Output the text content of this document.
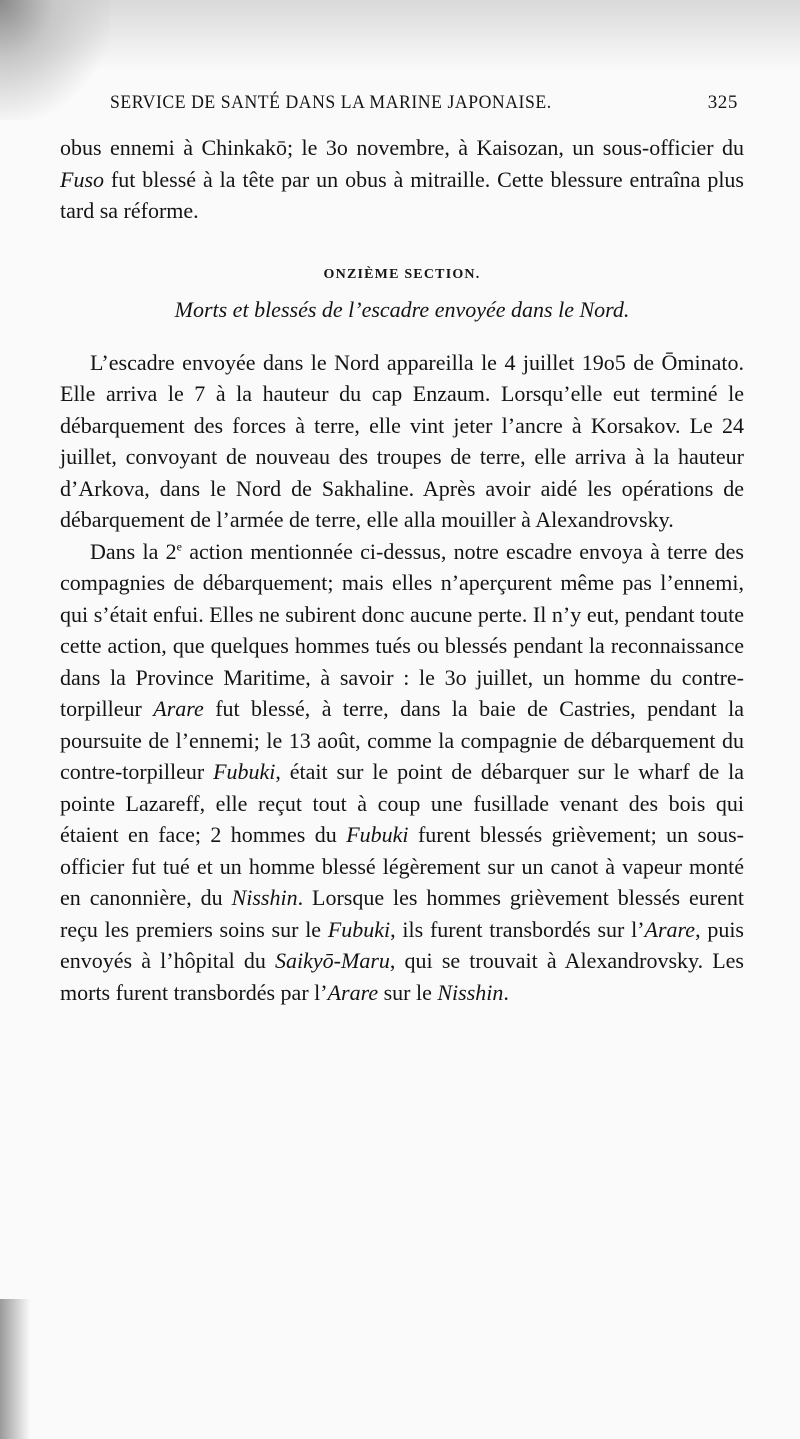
SERVICE DE SANTÉ DANS LA MARINE JAPONAISE.	325

obus ennemi à Chinkakō; le 3o novembre, à Kaisozan, un sous-officier du Fuso fut blessé à la tête par un obus à mitraille. Cette blessure entraîna plus tard sa réforme.

ONZIÈME SECTION.
Morts et blessés de l’escadre envoyée dans le Nord.

L’escadre envoyée dans le Nord appareilla le 4 juillet 19o5 de Ōminato. Elle arriva le 7 à la hauteur du cap Enzaum. Lorsqu’elle eut terminé le débarquement des forces à terre, elle vint jeter l’ancre à Korsakov. Le 24 juillet, convoyant de nouveau des troupes de terre, elle arriva à la hauteur d’Arkova, dans le Nord de Sakhaline. Après avoir aidé les opérations de débarquement de l’armée de terre, elle alla mouiller à Alexandrovsky.

Dans la 2e action mentionnée ci-dessus, notre escadre envoya à terre des compagnies de débarquement; mais elles n’aperçurent même pas l’ennemi, qui s’était enfui. Elles ne subirent donc aucune perte. Il n’y eut, pendant toute cette action, que quelques hommes tués ou blessés pendant la reconnaissance dans la Province Maritime, à savoir : le 3o juillet, un homme du contre-torpilleur Arare fut blessé, à terre, dans la baie de Castries, pendant la poursuite de l’ennemi; le 13 août, comme la compagnie de débarquement du contre-torpilleur Fubuki, était sur le point de débarquer sur le wharf de la pointe Lazareff, elle reçut tout à coup une fusillade venant des bois qui étaient en face; 2 hommes du Fubuki furent blessés grièvement; un sous-officier fut tué et un homme blessé légèrement sur un canot à vapeur monté en canonnière, du Nisshin. Lorsque les hommes grièvement blessés eurent reçu les premiers soins sur le Fubuki, ils furent transbordés sur l’Arare, puis envoyés à l’hôpital du Saikyō-Maru, qui se trouvait à Alexandrovsky. Les morts furent transbordés par l’Arare sur le Nisshin.
